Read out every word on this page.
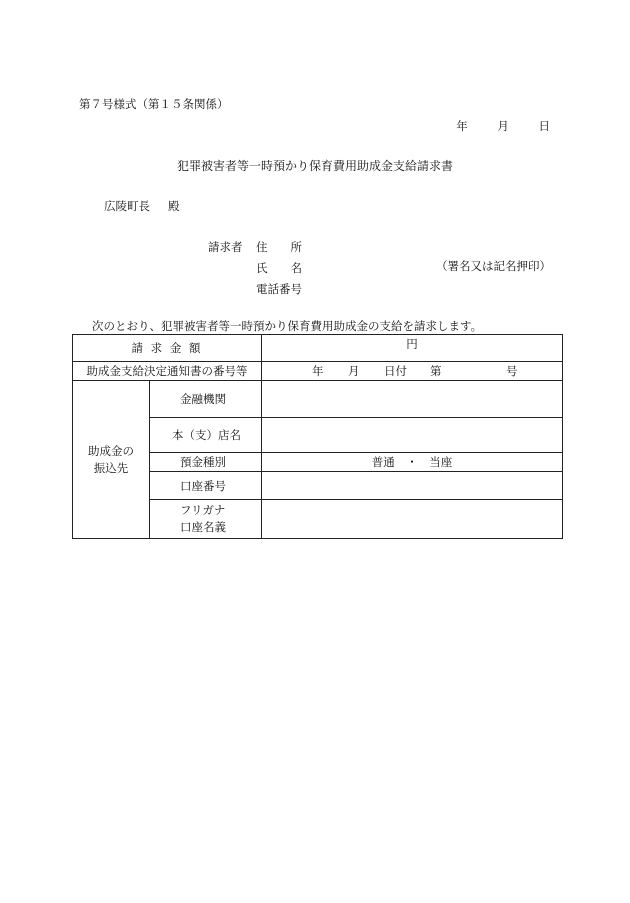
第７号様式（第１５条関係）
年	月	日
犯罪被害者等一時預かり保育費用助成金支給請求書
広陵町長 殿
請求者 住　　所
氏　　名
電話番号
（署名又は記名押印）
次のとおり、犯罪被害者等一時預かり保育費用助成金の支給を請求します。
請 求 金 額		円
助成金支給決定通知書の番号等		年 月 日付 第 号

助成金の
振込先	金融機関	
	本（支）店名	
	預金種別	普通　・　当座
	口座番号	
	フリガナ
口座名義	
